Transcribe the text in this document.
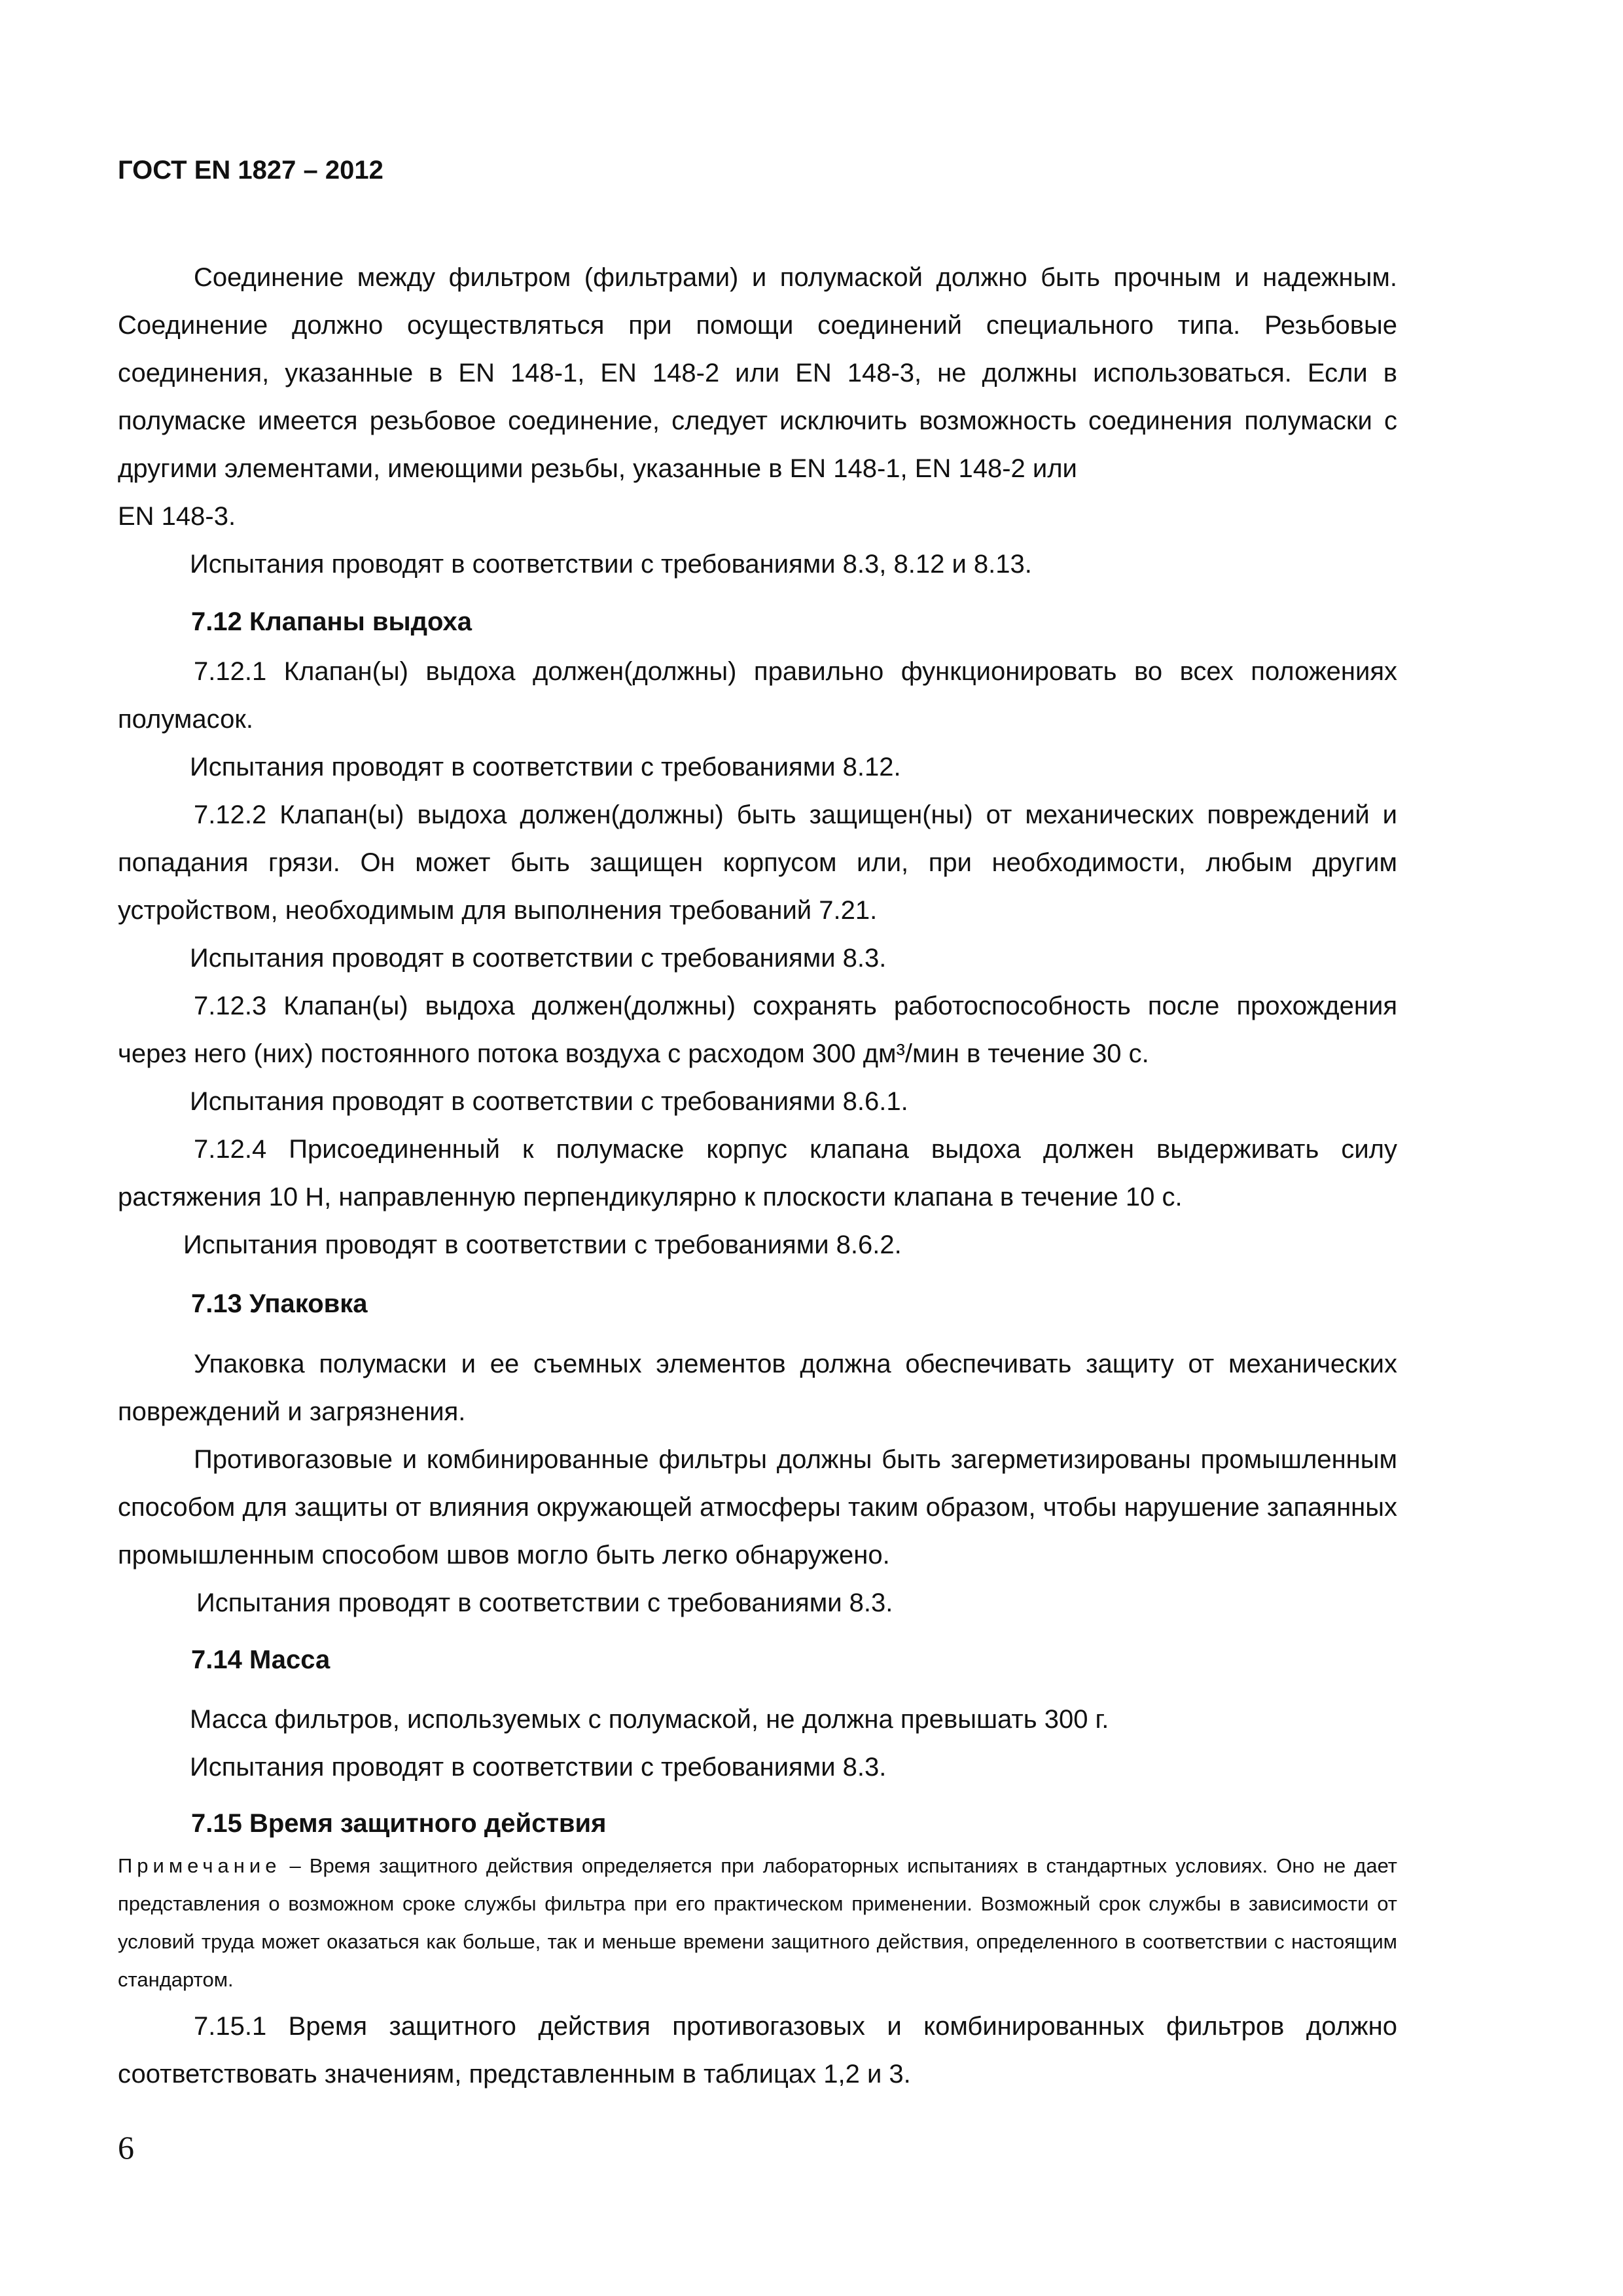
ГОСТ EN 1827 – 2012
Соединение между фильтром (фильтрами) и полумаской должно быть прочным и надежным. Соединение должно осуществляться при помощи соединений специального типа. Резьбовые соединения, указанные в EN 148-1, EN 148-2 или EN 148-3, не должны использоваться. Если в полумаске имеется резьбовое соединение, следует исключить возможность соединения полумаски с другими элементами, имеющими резьбы, указанные в EN 148-1, EN 148-2 или
EN 148-3.
Испытания проводят в соответствии с требованиями 8.3, 8.12 и 8.13.
7.12 Клапаны выдоха
7.12.1 Клапан(ы) выдоха должен(должны) правильно функционировать во всех положениях полумасок.
Испытания проводят в соответствии с требованиями 8.12.
7.12.2 Клапан(ы) выдоха должен(должны) быть защищен(ны) от механических повреждений и попадания грязи. Он может быть защищен корпусом или, при необходимости, любым другим устройством, необходимым для выполнения требований 7.21.
Испытания проводят в соответствии с требованиями 8.3.
7.12.3 Клапан(ы) выдоха должен(должны) сохранять работоспособность после прохождения через него (них) постоянного потока воздуха с расходом 300 дм³/мин в течение 30 с.
Испытания проводят в соответствии с требованиями 8.6.1.
7.12.4 Присоединенный к полумаске корпус клапана выдоха должен выдерживать силу растяжения 10 Н, направленную перпендикулярно к плоскости клапана в течение 10 с.
Испытания проводят в соответствии с требованиями 8.6.2.
7.13 Упаковка
Упаковка полумаски и ее съемных элементов должна обеспечивать защиту от механических повреждений и загрязнения.
Противогазовые и комбинированные фильтры должны быть загерметизированы промышленным способом для защиты от влияния окружающей атмосферы таким образом, чтобы нарушение запаянных промышленным способом швов могло быть легко обнаружено.
Испытания проводят в соответствии с требованиями 8.3.
7.14 Масса
Масса фильтров, используемых с полумаской, не должна превышать 300 г.
Испытания проводят в соответствии с требованиями 8.3.
7.15 Время защитного действия
Примечание – Время защитного действия определяется при лабораторных испытаниях в стандартных условиях. Оно не дает представления о возможном сроке службы фильтра при его практическом применении. Возможный срок службы в зависимости от условий труда может оказаться как больше, так и меньше времени защитного действия, определенного в соответствии с настоящим стандартом.
7.15.1 Время защитного действия противогазовых и комбинированных фильтров должно соответствовать значениям, представленным в таблицах 1,2 и 3.
6
